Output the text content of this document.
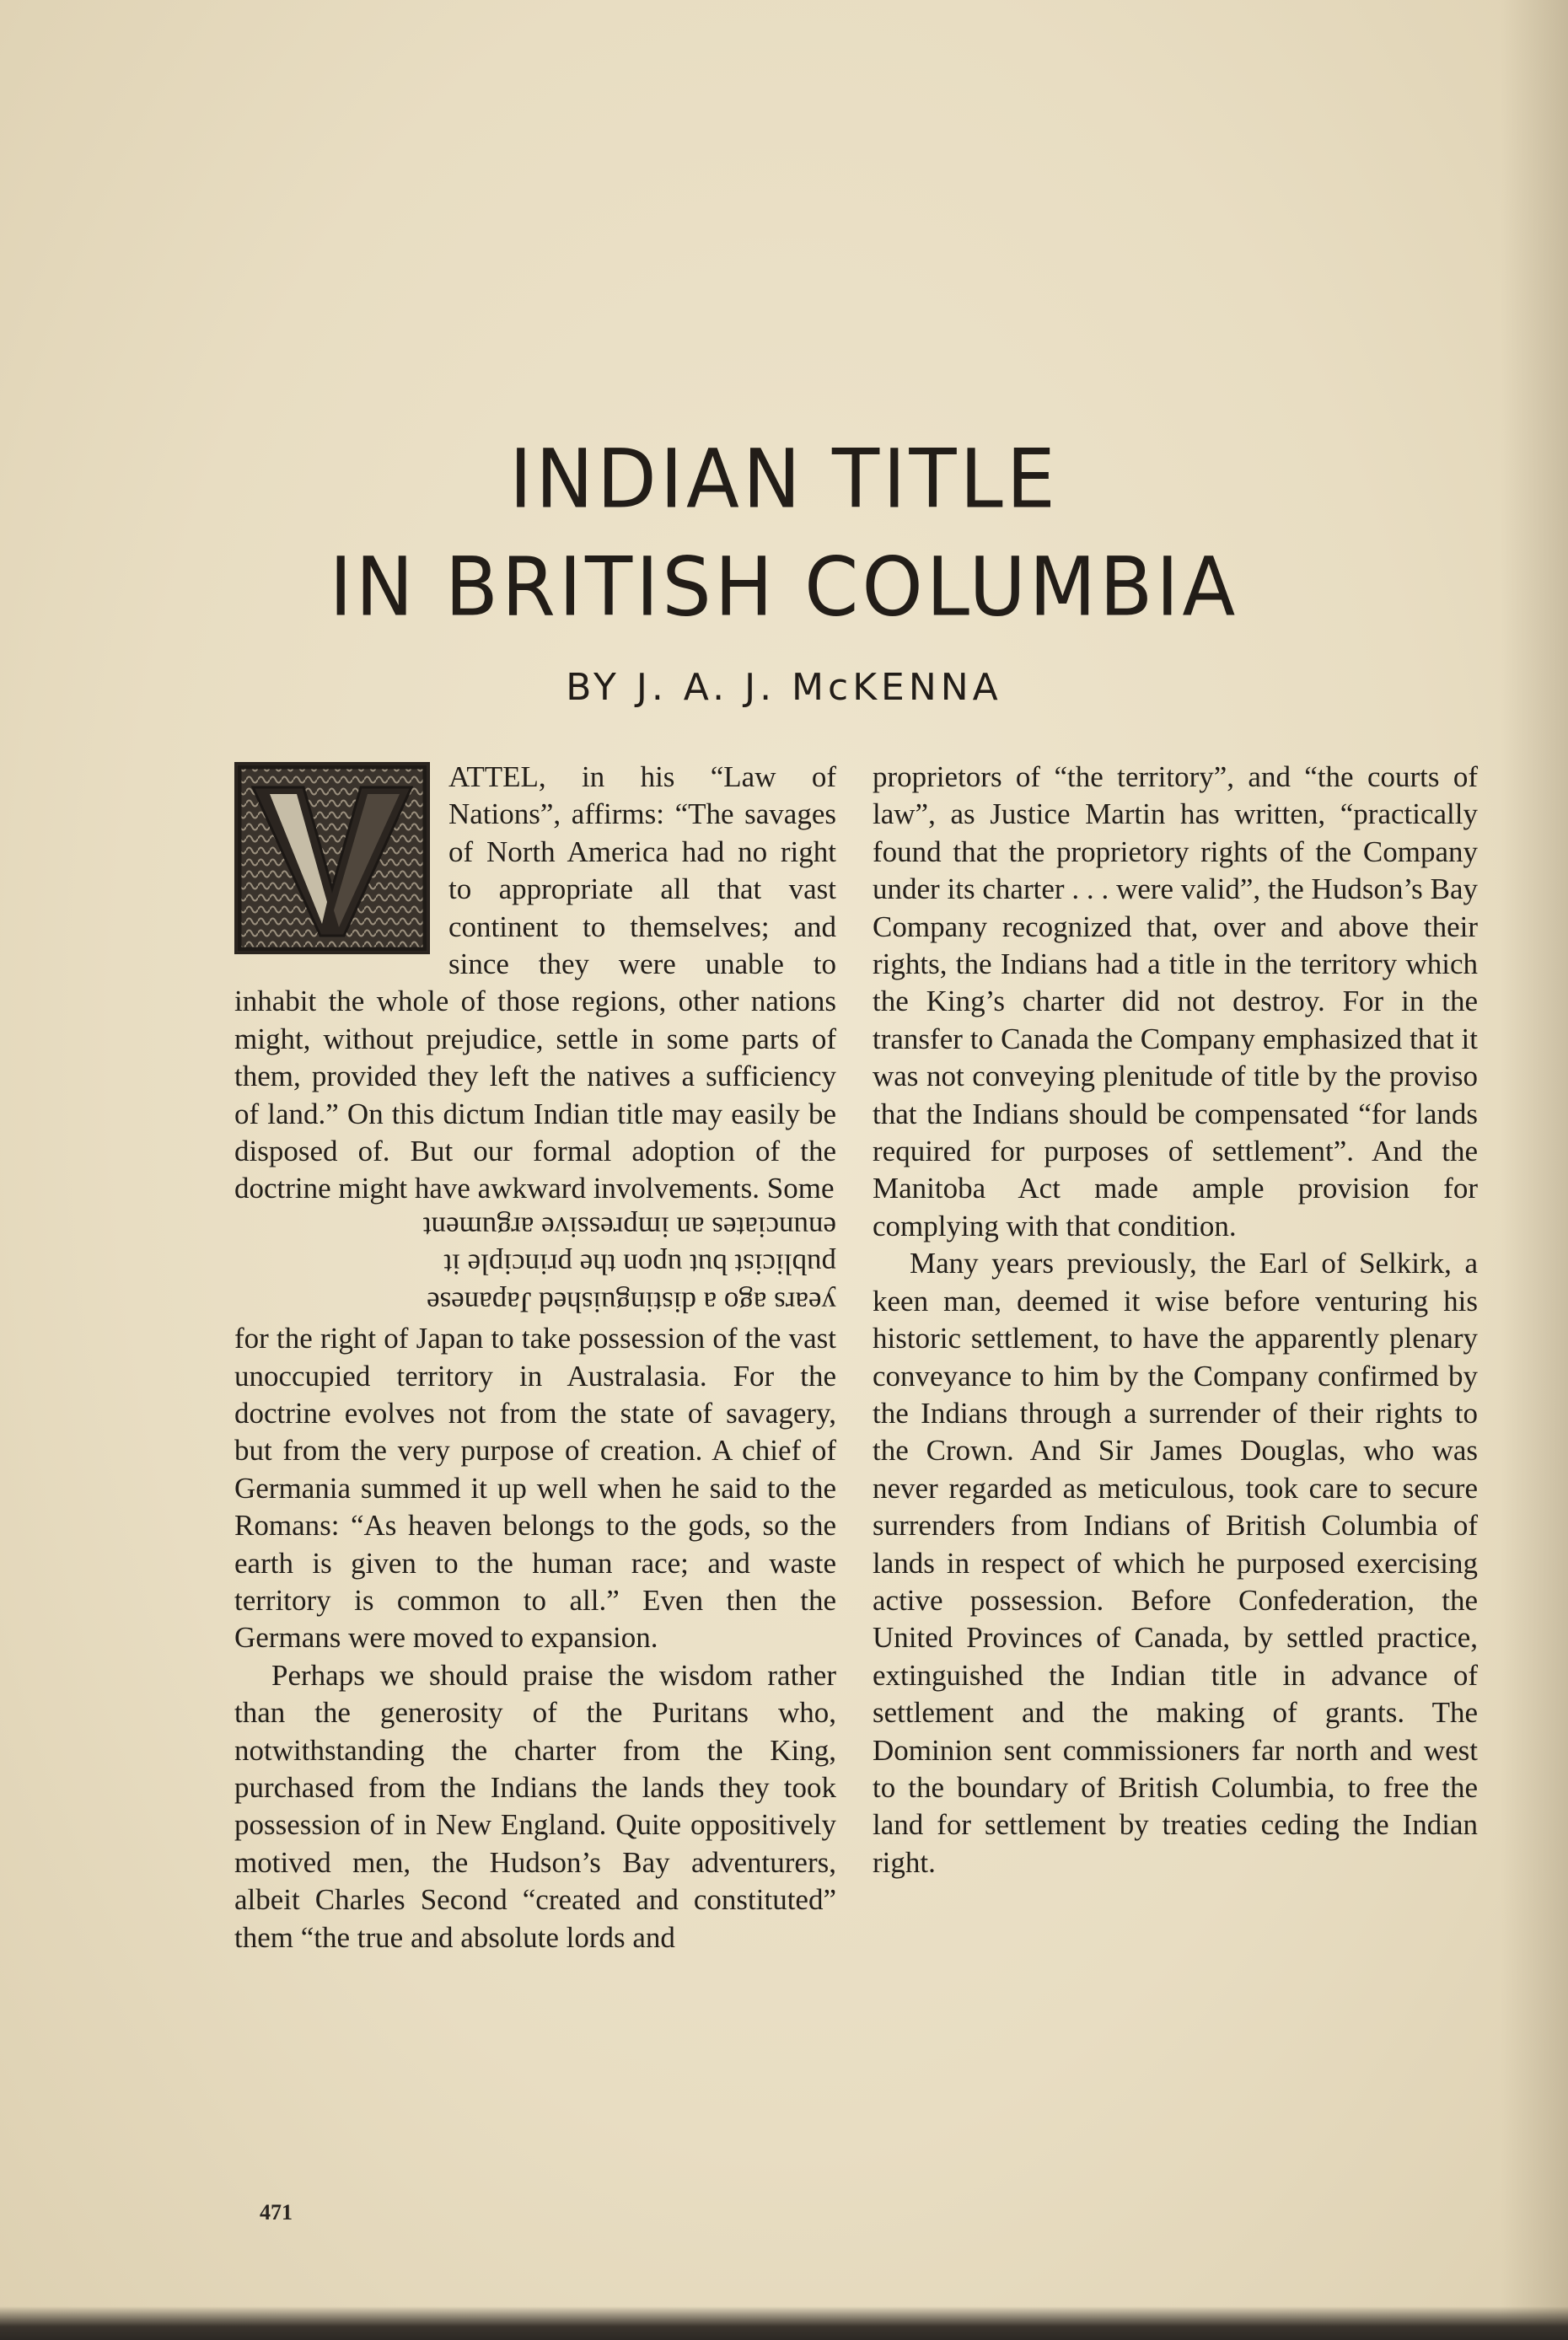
INDIAN TITLE
IN BRITISH COLUMBIA
BY J. A. J. McKENNA

ATTEL, in his “Law of Nations”, affirms: “The savages of North America had no right to appropriate all that vast continent to themselves; and since they were unable to inhabit the whole of those regions, other nations might, without prejudice, settle in some parts of them, provided they left the natives a sufficiency of land.” On this dictum Indian title may easily be disposed of. But our formal adoption of the doctrine might have awkward involvements. Some
enunciates an impressive argument
publicist but upon the principle it
years ago a distinguished Japanese
for the right of Japan to take possession of the vast unoccupied territory in Australasia. For the doctrine evolves not from the state of savagery, but from the very purpose of creation. A chief of Germania summed it up well when he said to the Romans: “As heaven belongs to the gods, so the earth is given to the human race; and waste territory is common to all.” Even then the Germans were moved to expansion.

Perhaps we should praise the wisdom rather than the generosity of the Puritans who, notwithstanding the charter from the King, purchased from the Indians the lands they took possession of in New England. Quite oppositively motived men, the Hudson’s Bay adventurers, albeit Charles Second “created and constituted” them “the true and absolute lords and

proprietors of “the territory”, and “the courts of law”, as Justice Martin has written, “practically found that the proprietory rights of the Company under its charter . . . were valid”, the Hudson’s Bay Company recognized that, over and above their rights, the Indians had a title in the territory which the King’s charter did not destroy. For in the transfer to Canada the Company emphasized that it was not conveying plenitude of title by the proviso that the Indians should be compensated “for lands required for purposes of settlement”. And the Manitoba Act made ample provision for complying with that condition.

Many years previously, the Earl of Selkirk, a keen man, deemed it wise before venturing his historic settlement, to have the apparently plenary conveyance to him by the Company confirmed by the Indians through a surrender of their rights to the Crown. And Sir James Douglas, who was never regarded as meticulous, took care to secure surrenders from Indians of British Columbia of lands in respect of which he purposed exercising active possession. Before Confederation, the United Provinces of Canada, by settled practice, extinguished the Indian title in advance of settlement and the making of grants. The Dominion sent commissioners far north and west to the boundary of British Columbia, to free the land for settlement by treaties ceding the Indian right.

471
